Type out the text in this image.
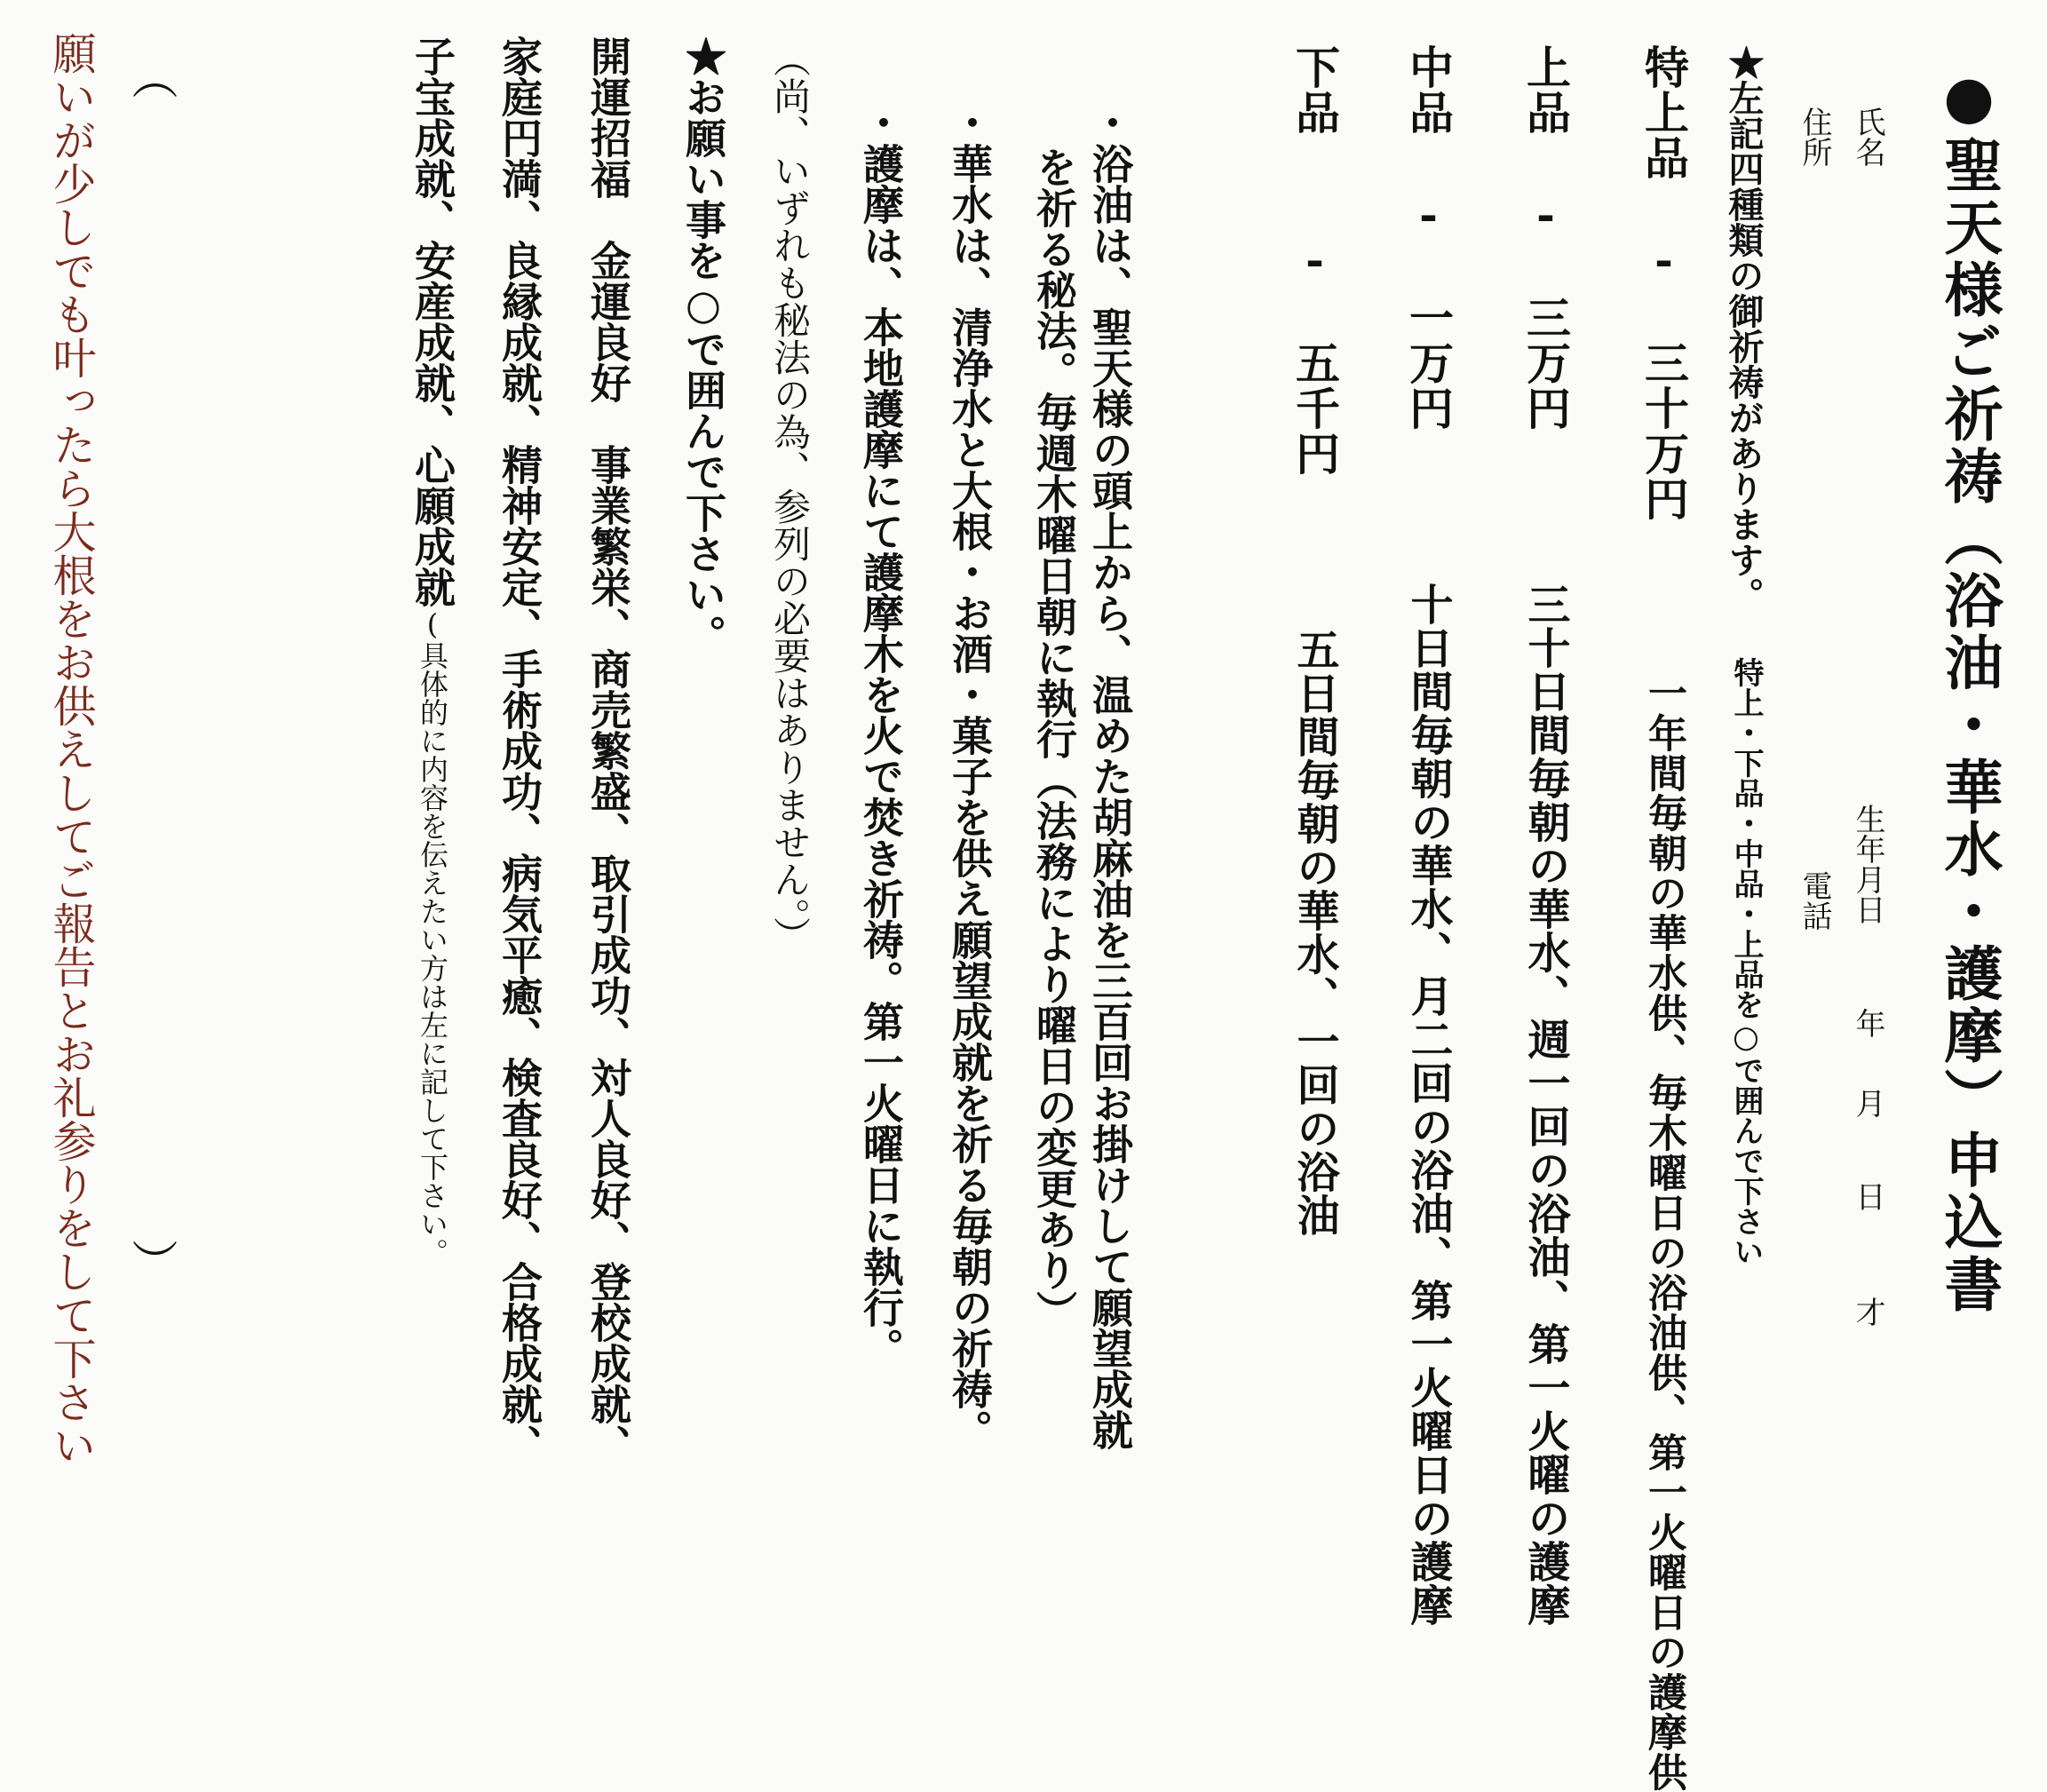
●聖天様ご祈祷（浴油・華水・護摩）申込書
氏名
住所
生年月日
年
月
日
才
電話
★左記四種類の御祈祷があります。
特上・下品・中品・上品を○で囲んで下さい
特上品 - 三十万円 　 一年間毎朝の華水供、毎木曜日の浴油供、第一火曜日の護摩供
上品 - 三万円 　 三十日間毎朝の華水、週一回の浴油、第一火曜の護摩
中品 - 一万円 　 十日間毎朝の華水、月二回の浴油、第一火曜日の護摩
下品 　- 五千円 　 五日間毎朝の華水、一回の浴油
・浴油は、聖天様の頭上から、温めた胡麻油を三百回お掛けして願望成就
を祈る秘法。毎週木曜日朝に執行（法務により曜日の変更あり）
・華水は、清浄水と大根・お酒・菓子を供え願望成就を祈る毎朝の祈祷。
・護摩は、本地護摩にて護摩木を火で焚き祈祷。第一火曜日に執行。
（尚、いずれも秘法の為、参列の必要はありません。）
★お願い事を○で囲んで下さい。
開運招福　金運良好　事業繁栄、商売繁盛、取引成功、対人良好、登校成就、
家庭円満、良縁成就、精神安定、手術成功、病気平癒、検査良好、合格成就、
子宝成就、安産成就、心願成就(具体的に内容を伝えたい方は左に記して下さい。
（
）
願いが少しでも叶ったら大根をお供えしてご報告とお礼参りをして下さい
